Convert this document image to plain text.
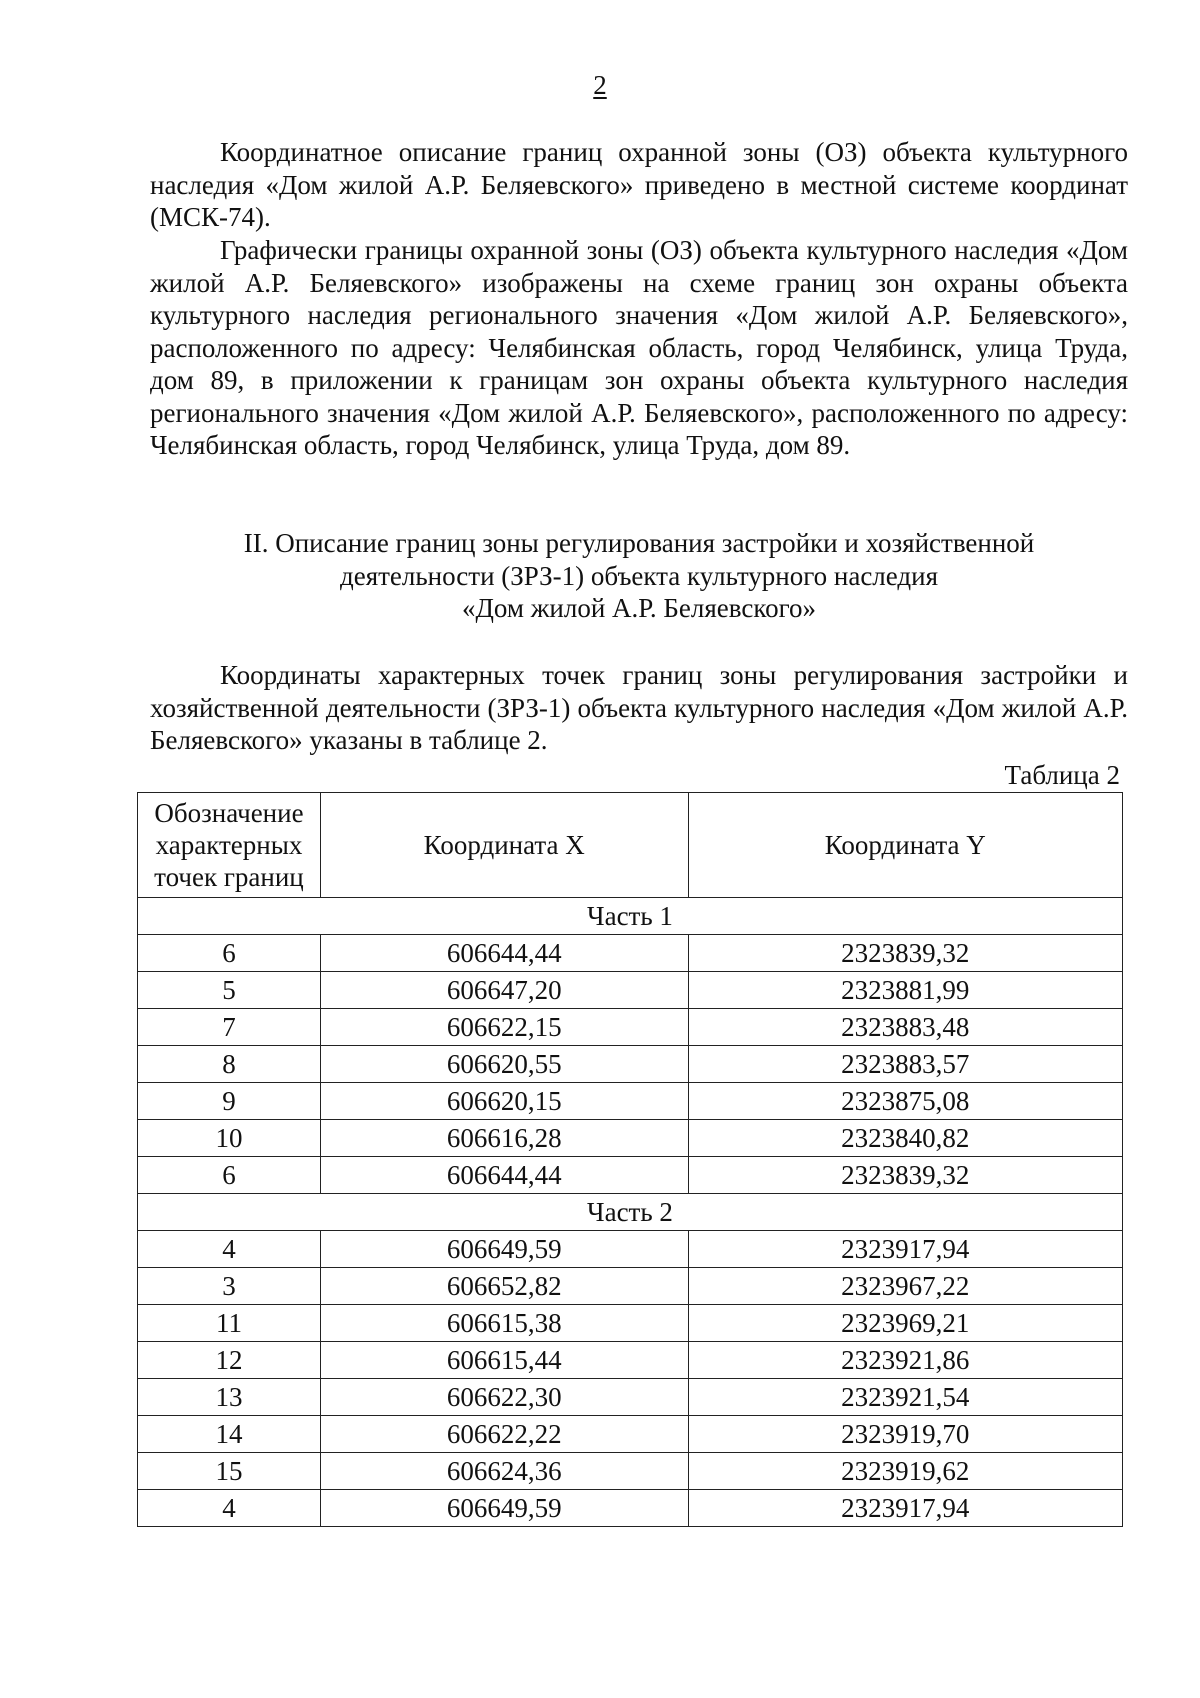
2

Координатное описание границ охранной зоны (ОЗ) объекта культурного наследия «Дом жилой А.Р. Беляевского» приведено в местной системе координат (МСК-74).

Графически границы охранной зоны (ОЗ) объекта культурного наследия «Дом жилой А.Р. Беляевского» изображены на схеме границ зон охраны объекта культурного наследия регионального значения «Дом жилой А.Р. Беляевского», расположенного по адресу: Челябинская область, город Челябинск, улица Труда, дом 89, в приложении к границам зон охраны объекта культурного наследия регионального значения «Дом жилой А.Р. Беляевского», расположенного по адресу: Челябинская область, город Челябинск, улица Труда, дом 89.

II. Описание границ зоны регулирования застройки и хозяйственной
деятельности (ЗРЗ-1) объекта культурного наследия
«Дом жилой А.Р. Беляевского»

Координаты характерных точек границ зоны регулирования застройки и хозяйственной деятельности (ЗРЗ-1) объекта культурного наследия «Дом жилой А.Р. Беляевского» указаны в таблице 2.

Таблица 2
Обозначение
характерных
точек границ	Координата X	Координата Y
Часть 1		
6	606644,44	2323839,32
5	606647,20	2323881,99
7	606622,15	2323883,48
8	606620,55	2323883,57
9	606620,15	2323875,08
10	606616,28	2323840,82
6	606644,44	2323839,32
Часть 2		
4	606649,59	2323917,94
3	606652,82	2323967,22
11	606615,38	2323969,21
12	606615,44	2323921,86
13	606622,30	2323921,54
14	606622,22	2323919,70
15	606624,36	2323919,62
4	606649,59	2323917,94
